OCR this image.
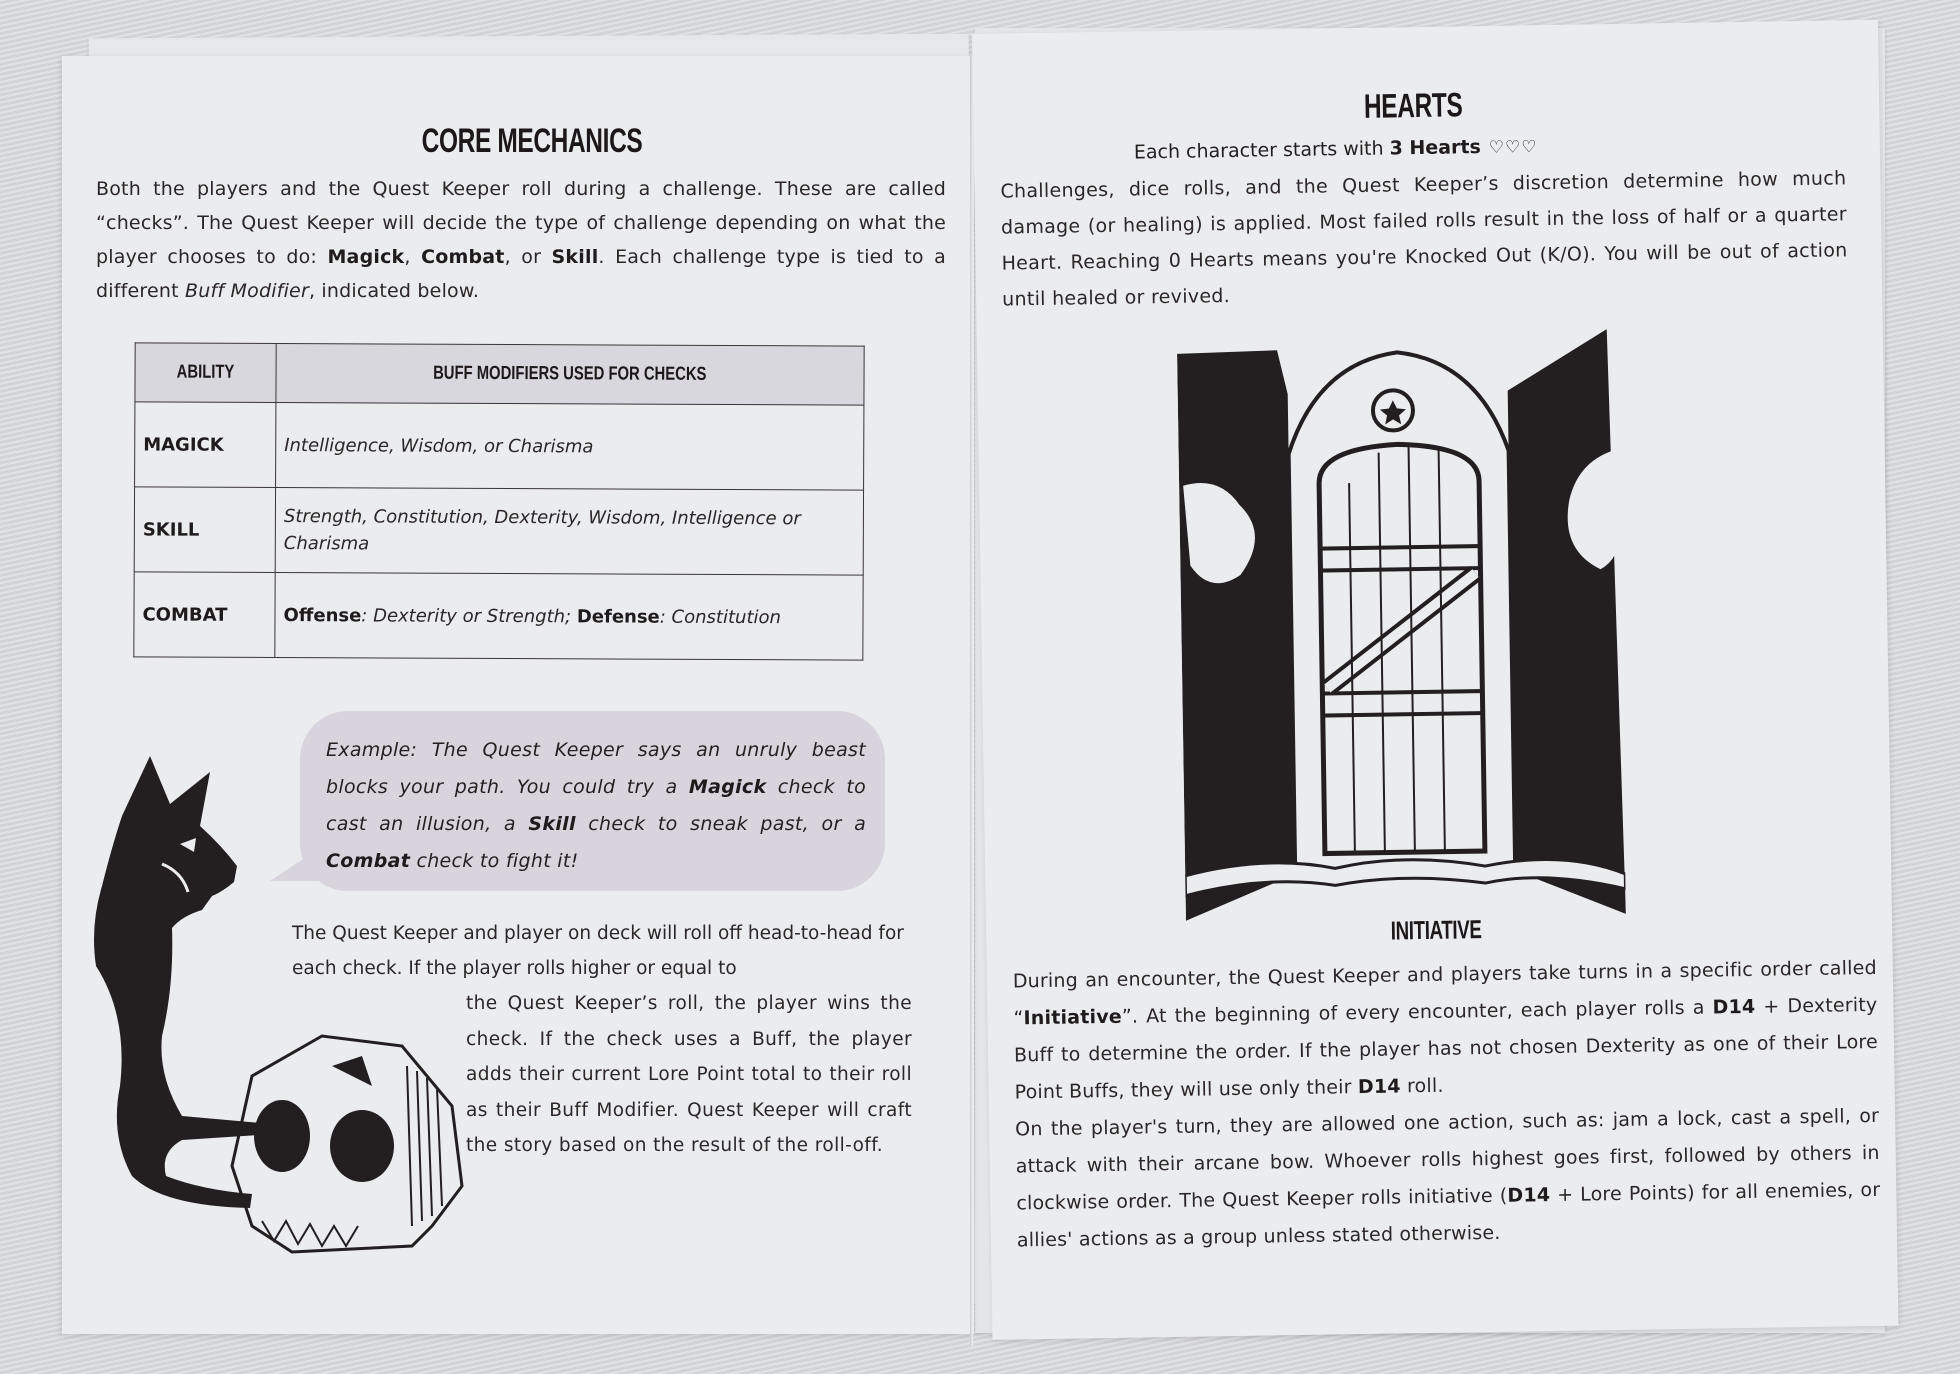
CORE MECHANICS
Both the players and the Quest Keeper roll during a challenge. These are called “checks”. The Quest Keeper will decide the type of challenge depending on what the player chooses to do: Magick, Combat, or Skill. Each challenge type is tied to a different Buff Modifier, indicated below.
ABILITY	BUFF MODIFIERS USED FOR CHECKS
MAGICK	Intelligence, Wisdom, or Charisma
SKILL	Strength, Constitution, Dexterity, Wisdom, Intelligence or Charisma
COMBAT	Offense: Dexterity or Strength; Defense: Constitution
Example: The Quest Keeper says an unruly beast blocks your path. You could try a Magick check to cast an illusion, a Skill check to sneak past, or a Combat check to fight it!
The Quest Keeper and player on deck will roll off head-to-head for each check. If the player rolls higher or equal to
the Quest Keeper’s roll, the player wins the check. If the check uses a Buff, the player adds their current Lore Point total to their roll as their Buff Modifier. Quest Keeper will craft the story based on the result of the roll-off.
HEARTS
Each character starts with 3 Hearts ♡♡♡
Challenges, dice rolls, and the Quest Keeper’s discretion determine how much damage (or healing) is applied. Most failed rolls result in the loss of half or a quarter Heart. Reaching 0 Hearts means you're Knocked Out (K/O). You will be out of action until healed or revived.
INITIATIVE

During an encounter, the Quest Keeper and players take turns in a specific order called “Initiative”. At the beginning of every encounter, each player rolls a D14 + Dexterity Buff to determine the order. If the player has not chosen Dexterity as one of their Lore Point Buffs, they will use only their D14 roll.

On the player's turn, they are allowed one action, such as: jam a lock, cast a spell, or attack with their arcane bow. Whoever rolls highest goes first, followed by others in clockwise order. The Quest Keeper rolls initiative (D14 + Lore Points) for all enemies, or allies' actions as a group unless stated otherwise.
